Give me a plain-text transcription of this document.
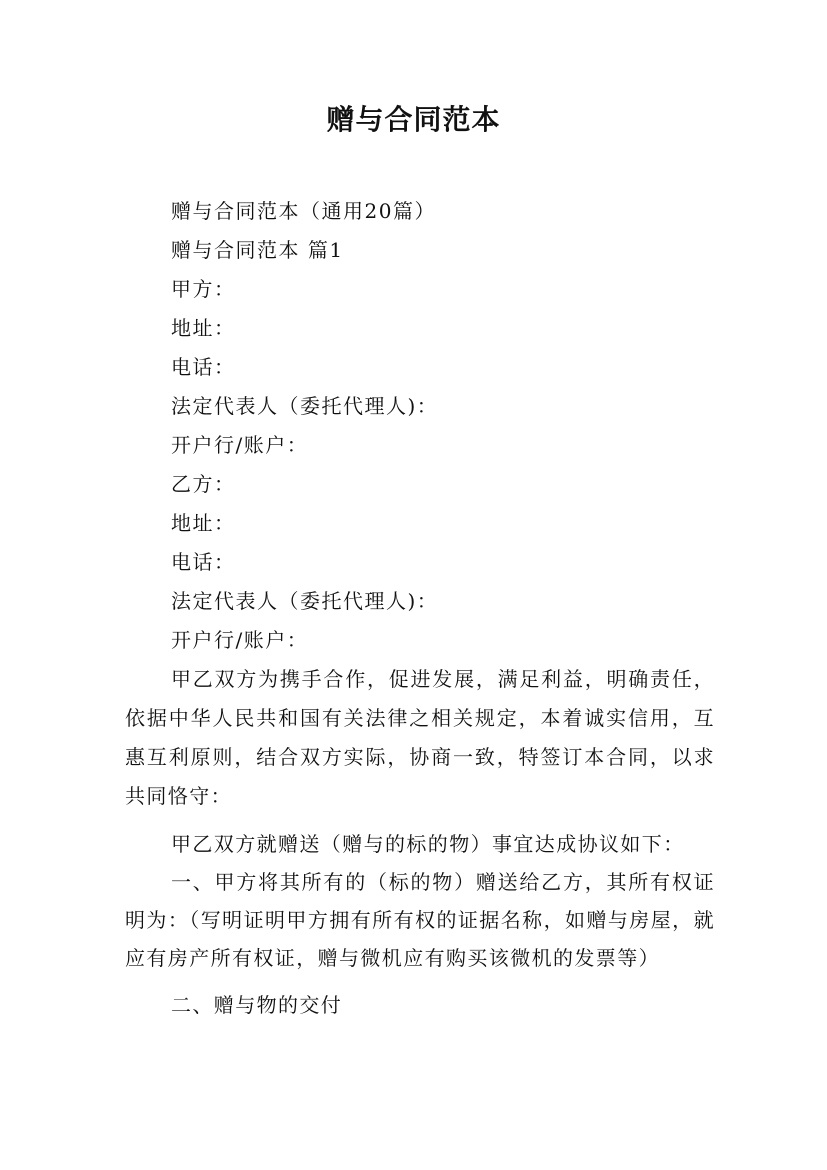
赠与合同范本
赠与合同范本（通用20篇）
赠与合同范本 篇1
甲方：
地址：
电话：
法定代表人（委托代理人)：
开户行/账户：
乙方：
地址：
电话：
法定代表人（委托代理人)：
开户行/账户：

甲乙双方为携手合作，促进发展，满足利益，明确责任，依据中华人民共和国有关法律之相关规定，本着诚实信用，互惠互利原则，结合双方实际，协商一致，特签订本合同，以求共同恪守：

甲乙双方就赠送（赠与的标的物）事宜达成协议如下：

一、甲方将其所有的（标的物）赠送给乙方，其所有权证明为：（写明证明甲方拥有所有权的证据名称，如赠与房屋，就应有房产所有权证，赠与微机应有购买该微机的发票等）

二、赠与物的交付
